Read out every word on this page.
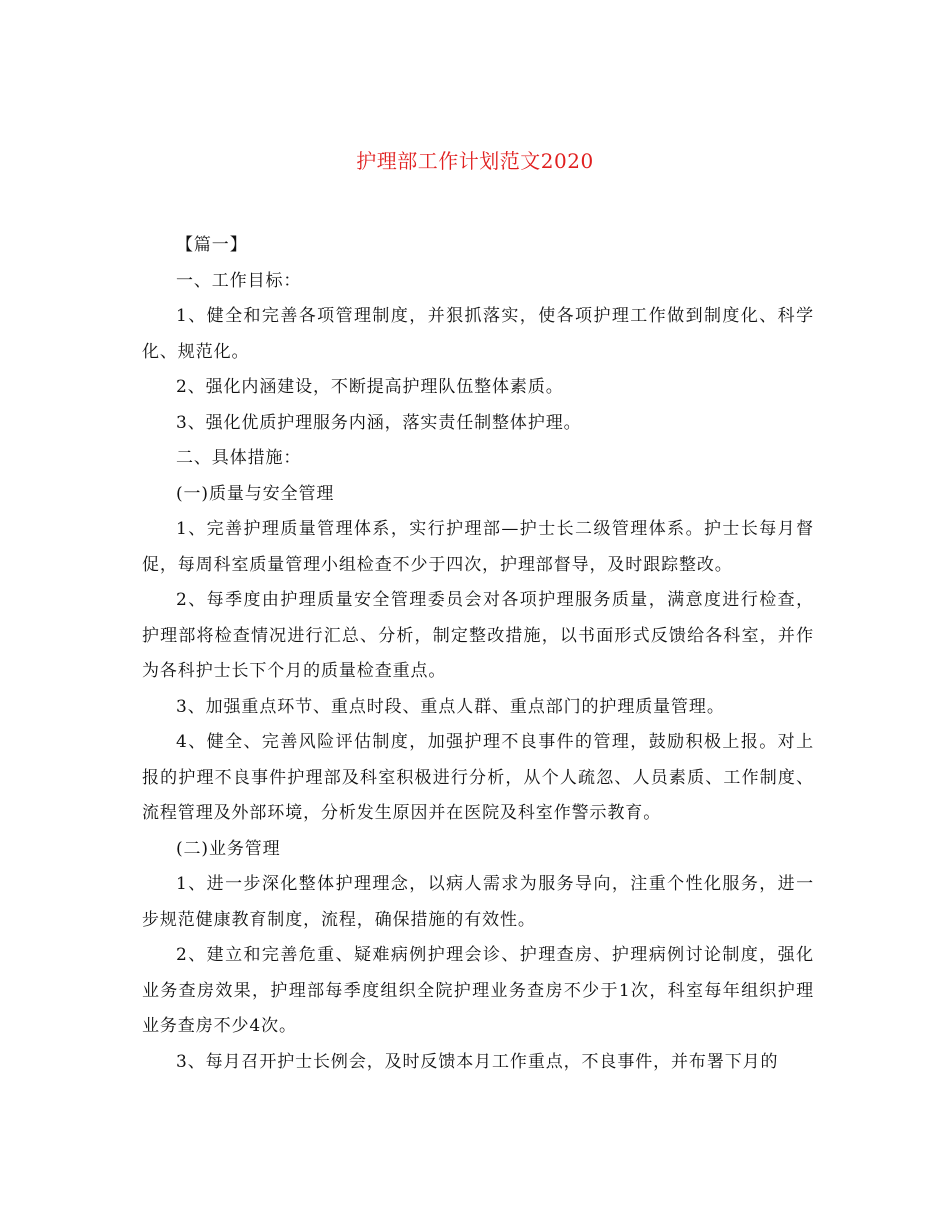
护理部工作计划范文2020

【篇一】

一、工作目标：

1、健全和完善各项管理制度，并狠抓落实，使各项护理工作做到制度化、科学化、规范化。

2、强化内涵建设，不断提高护理队伍整体素质。

3、强化优质护理服务内涵，落实责任制整体护理。

二、具体措施：

(一)质量与安全管理

1、完善护理质量管理体系，实行护理部—护士长二级管理体系。护士长每月督促，每周科室质量管理小组检查不少于四次，护理部督导，及时跟踪整改。

2、每季度由护理质量安全管理委员会对各项护理服务质量，满意度进行检查，护理部将检查情况进行汇总、分析，制定整改措施，以书面形式反馈给各科室，并作为各科护士长下个月的质量检查重点。

3、加强重点环节、重点时段、重点人群、重点部门的护理质量管理。

4、健全、完善风险评估制度，加强护理不良事件的管理，鼓励积极上报。对上报的护理不良事件护理部及科室积极进行分析，从个人疏忽、人员素质、工作制度、流程管理及外部环境，分析发生原因并在医院及科室作警示教育。

(二)业务管理

1、进一步深化整体护理理念，以病人需求为服务导向，注重个性化服务，进一步规范健康教育制度，流程，确保措施的有效性。

2、建立和完善危重、疑难病例护理会诊、护理查房、护理病例讨论制度，强化业务查房效果，护理部每季度组织全院护理业务查房不少于1次，科室每年组织护理业务查房不少4次。

3、每月召开护士长例会，及时反馈本月工作重点，不良事件，并布署下月的
